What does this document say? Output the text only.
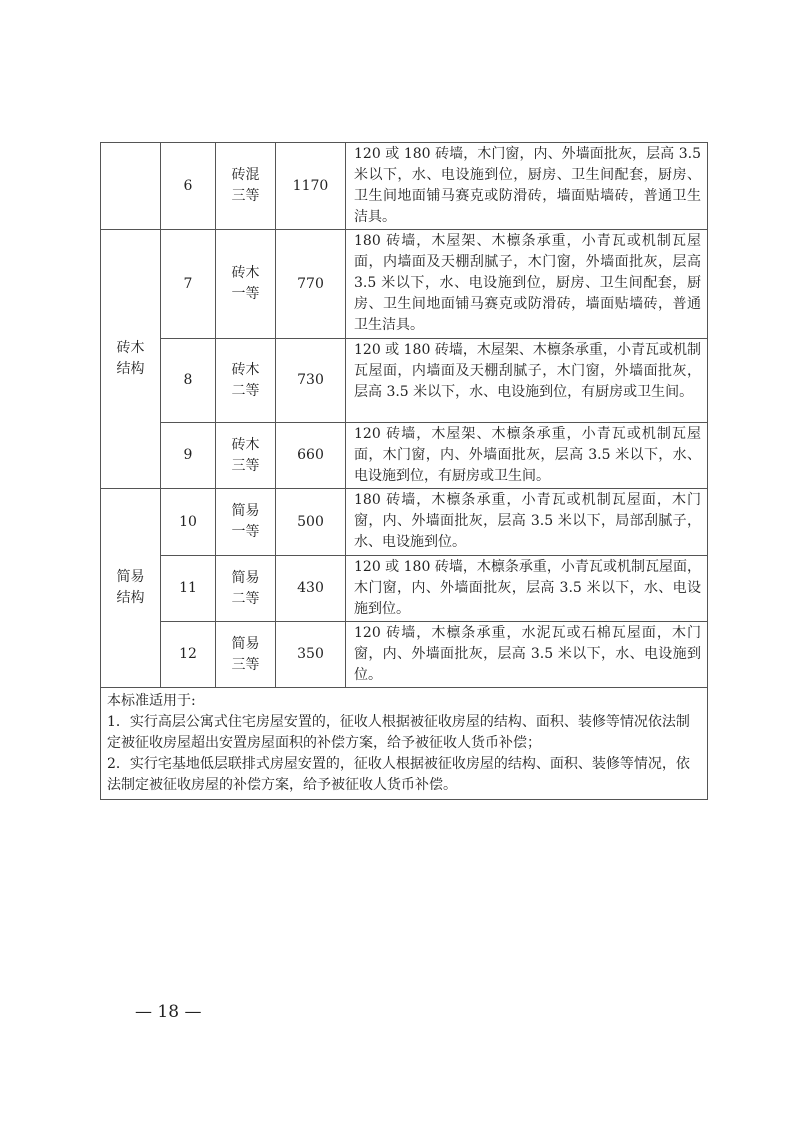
	6	砖混三等	1170	120 或 180 砖墙，木门窗，内、外墙面批灰，层高 3.5 米以下，水、电设施到位，厨房、卫生间配套，厨房、卫生间地面铺马赛克或防滑砖，墙面贴墙砖，普通卫生洁具。
砖木结构	7	砖木一等	770	180 砖墙，木屋架、木檩条承重，小青瓦或机制瓦屋面，内墙面及天棚刮腻子，木门窗，外墙面批灰，层高 3.5 米以下，水、电设施到位，厨房、卫生间配套，厨房、卫生间地面铺马赛克或防滑砖，墙面贴墙砖，普通卫生洁具。
	8	砖木二等	730	120 或 180 砖墙，木屋架、木檩条承重，小青瓦或机制瓦屋面，内墙面及天棚刮腻子，木门窗，外墙面批灰，层高 3.5 米以下，水、电设施到位，有厨房或卫生间。
	9	砖木三等	660	120 砖墙，木屋架、木檩条承重，小青瓦或机制瓦屋面，木门窗，内、外墙面批灰，层高 3.5 米以下，水、电设施到位，有厨房或卫生间。
简易结构	10	简易一等	500	180 砖墙，木檩条承重，小青瓦或机制瓦屋面，木门窗，内、外墙面批灰，层高 3.5 米以下，局部刮腻子，水、电设施到位。
	11	简易二等	430	120 或 180 砖墙，木檩条承重，小青瓦或机制瓦屋面，木门窗，内、外墙面批灰，层高 3.5 米以下，水、电设施到位。
	12	简易三等	350	120 砖墙，木檩条承重，水泥瓦或石棉瓦屋面，木门窗，内、外墙面批灰，层高 3.5 米以下，水、电设施到位。

本标准适用于:
1．实行高层公寓式住宅房屋安置的，征收人根据被征收房屋的结构、面积、装修等情况依法制定被征收房屋超出安置房屋面积的补偿方案，给予被征收人货币补偿；
2．实行宅基地低层联排式房屋安置的，征收人根据被征收房屋的结构、面积、装修等情况，依法制定被征收房屋的补偿方案，给予被征收人货币补偿。				
— 18 —
